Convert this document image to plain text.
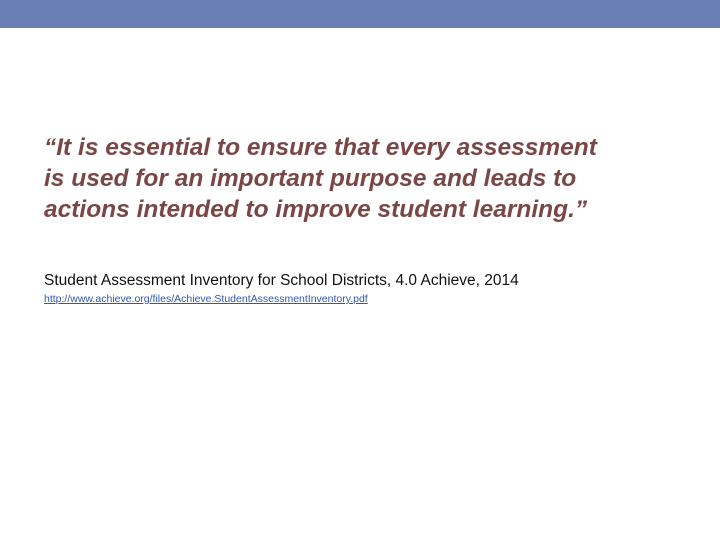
“It is essential to ensure that every assessment
is used for an important purpose and leads to
actions intended to improve student learning.”

Student Assessment Inventory for School Districts, 4.0 Achieve, 2014

http://www.achieve.org/files/Achieve.StudentAssessmentInventory.pdf
